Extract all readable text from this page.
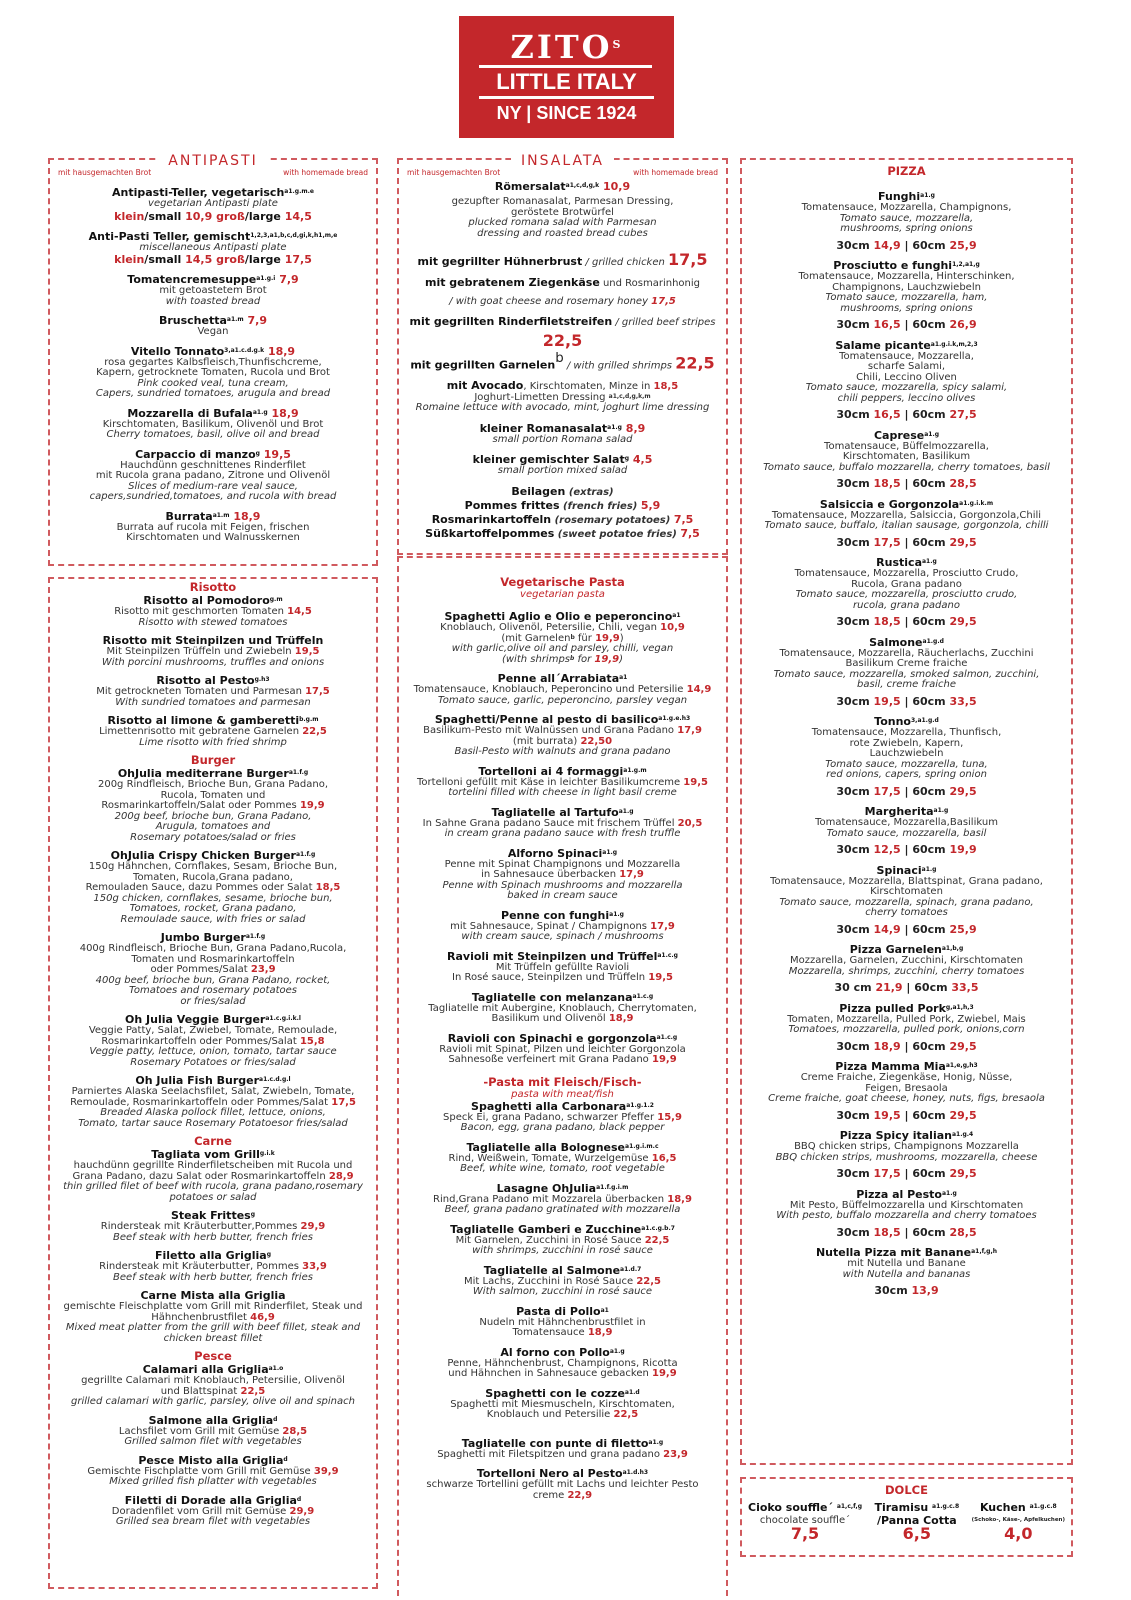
$ZITO^S$
LITTLE ITALY
NY | SINCE 1924
ANTIPASTI
mit hausgemachten Brot	with homemade bread
Antipasti-Teller, vegetarisch$^{a1.g.m.e}$
vegetarian Antipasti plate
klein/small 10,9 groß/large 14,5
Anti-Pasti Teller, gemischt$^{1,2,3,a1,b,c,d,gi,k,h1,m,e}$
miscellaneous Antipasti plate
klein/small 14,5 groß/large 17,5
Tomatencremesuppe$^{a1.g.i}$ 7,9
mit getoastetem Brot
with toasted bread
Bruschetta$^{a1.m}$ 7,9
Vegan
Vitello Tonnato$^{3,a1.c.d.g.k}$ 18,9
rosa gegartes Kalbsfleisch,Thunfischcreme,
Kapern, getrocknete Tomaten, Rucola und Brot
Pink cooked veal, tuna cream,
Capers, sundried tomatoes, arugula and bread
Mozzarella di Bufala$^{a1.g}$ 18,9
Kirschtomaten, Basilikum, Olivenöl und Brot
Cherry tomatoes, basil, olive oil and bread
Carpaccio di manzo$^g$ 19,5
Hauchdünn geschnittenes Rinderfilet
mit Rucola grana padano, Zitrone und Olivenöl
Slices of medium-rare veal sauce,
capers,sundried,tomatoes, and rucola with bread
Burrata$^{a1.m}$ 18,9
Burrata auf rucola mit Feigen, frischen
Kirschtomaten und Walnusskernen
Risotto
Risotto al Pomodoro$^{g.m}$
Risotto mit geschmorten Tomaten 14,5
Risotto with stewed tomatoes
Risotto mit Steinpilzen und Trüffeln
Mit Steinpilzen Trüffeln und Zwiebeln 19,5
With porcini mushrooms, truffles and onions
Risotto al Pesto$^{g.h3}$
Mit getrockneten Tomaten und Parmesan 17,5
With sundried tomatoes and parmesan
Risotto al limone & gamberetti$^{b.g.m}$
Limettenrisotto mit gebratene Garnelen 22,5
Lime risotto with fried shrimp
Burger
OhJulia mediterrane Burger$^{a1.f.g}$
200g Rindfleisch, Brioche Bun, Grana Padano,
Rucola, Tomaten und
Rosmarinkartoffeln/Salat oder Pommes 19,9
200g beef, brioche bun, Grana Padano,
Arugula, tomatoes and
Rosemary potatoes/salad or fries
OhJulia Crispy Chicken Burger$^{a1.f.g}$
150g Hähnchen, Cornflakes, Sesam, Brioche Bun,
Tomaten, Rucola,Grana padano,
Remouladen Sauce, dazu Pommes oder Salat 18,5
150g chicken, cornflakes, sesame, brioche bun,
Tomatoes, rocket, Grana padano,
Remoulade sauce, with fries or salad
Jumbo Burger$^{a1.f.g}$
400g Rindfleisch, Brioche Bun, Grana Padano,Rucola,
Tomaten und Rosmarinkartoffeln
oder Pommes/Salat 23,9
400g beef, brioche bun, Grana Padano, rocket,
Tomatoes and rosemary potatoes
or fries/salad
Oh Julia Veggie Burger$^{a1.c.g.i.k.l}$
Veggie Patty, Salat, Zwiebel, Tomate, Remoulade,
Rosmarinkartoffeln oder Pommes/Salat 15,8
Veggie patty, lettuce, onion, tomato, tartar sauce
Rosemary Potatoes or fries/salad
Oh Julia Fish Burger$^{a1.c.d.g.l}$
Parniertes Alaska Seelachsfilet, Salat, Zwiebeln, Tomate,
Remoulade, Rosmarinkartoffeln oder Pommes/Salat 17,5
Breaded Alaska pollock fillet, lettuce, onions,
Tomato, tartar sauce Rosemary Potatoesor fries/salad
Carne
Tagliata vom Grill$^{g.i.k}$
hauchdünn gegrillte Rinderfiletscheiben mit Rucola und
Grana Padano, dazu Salat oder Rosmarinkartoffeln 28,9
thin grilled filet of beef with rucola, grana padano,rosemary
potatoes or salad
Steak Frittes$^g$
Rindersteak mit Kräuterbutter,Pommes 29,9
Beef steak with herb butter, french fries
Filetto alla Griglia$^g$
Rindersteak mit Kräuterbutter, Pommes 33,9
Beef steak with herb butter, french fries
Carne Mista alla Griglia
gemischte Fleischplatte vom Grill mit Rinderfilet, Steak und
Hähnchenbrustfilet 46,9
Mixed meat platter from the grill with beef fillet, steak and
chicken breast fillet
Pesce
Calamari alla Griglia$^{a1.o}$
gegrillte Calamari mit Knoblauch, Petersilie, Olivenöl
und Blattspinat 22,5
grilled calamari with garlic, parsley, olive oil and spinach
Salmone alla Griglia$^d$
Lachsfilet vom Grill mit Gemüse 28,5
Grilled salmon filet with vegetables
Pesce Misto alla Griglia$^d$
Gemischte Fischplatte vom Grill mit Gemüse 39,9
Mixed grilled fish pllatter with vegetables
Filetti di Dorade alla Griglia$^d$
Doradenfilet vom Grill mit Gemüse 29,9
Grilled sea bream filet with vegetables
INSALATA
mit hausgemachten Brot	with homemade bread
Römersalat$^{a1,c,d,g,k}$ 10,9
gezupfter Romanasalat, Parmesan Dressing,
geröstete Brotwürfel
plucked romana salad with Parmesan
dressing and roasted bread cubes
mit gegrillter Hühnerbrust / grilled chicken 17,5
mit gebratenem Ziegenkäse und Rosmarinhonig
/ with goat cheese and rosemary honey 17,5
mit gegrillten Rinderfiletstreifen / grilled beef stripes 22,5
mit gegrillten Garnelen$^b$ / with grilled shrimps 22,5
mit Avocado, Kirschtomaten, Minze in 18,5
Joghurt-Limetten Dressing $^{a1,c,d,g,k,m}$
Romaine lettuce with avocado, mint, joghurt lime dressing
kleiner Romanasalat$^{a1.g}$ 8,9
small portion Romana salad
kleiner gemischter Salat$^g$ 4,5
small portion mixed salad
Beilagen (extras)
Pommes frittes (french fries) 5,9
Rosmarinkartoffeln (rosemary potatoes) 7,5
Süßkartoffelpommes (sweet potatoe fries) 7,5
Vegetarische Pasta
vegetarian pasta
Spaghetti Aglio e Olio e peperoncino$^{a1}$
Knoblauch, Olivenöl, Petersilie, Chili, vegan 10,9
(mit Garnelen$^b$ für 19,9)
with garlic,olive oil and parsley, chilli, vegan
(with shrimps$^b$ for 19,9)
Penne all´Arrabiata$^{a1}$
Tomatensauce, Knoblauch, Peperoncino und Petersilie 14,9
Tomato sauce, garlic, peperoncino, parsley vegan
Spaghetti/Penne al pesto di basilico$^{a1.g.e.h3}$
Basilikum-Pesto mit Walnüssen und Grana Padano 17,9
(mit burrata) 22,50
Basil-Pesto with walnuts and grana padano
Tortelloni ai 4 formaggi$^{a1.g.m}$
Tortelloni gefüllt mit Käse in leichter Basilikumcreme 19,5
tortelini filled with cheese in light basil creme
Tagliatelle al Tartufo$^{a1.g}$
In Sahne Grana padano Sauce mit frischem Trüffel 20,5
in cream grana padano sauce with fresh truffle
Alforno Spinaci$^{a1.g}$
Penne mit Spinat Champignons und Mozzarella
in Sahnesauce überbacken 17,9
Penne with Spinach mushrooms and mozzarella
baked in cream sauce
Penne con funghi$^{a1.g}$
mit Sahnesauce, Spinat / Champignons 17,9
with cream sauce, spinach / mushrooms
Ravioli mit Steinpilzen und Trüffel$^{a1.c.g}$
Mit Trüffeln gefüllte Ravioli
In Rosé sauce, Steinpilzen und Trüffeln 19,5
Tagliatelle con melanzana$^{a1.c.g}$
Tagliatelle mit Aubergine, Knoblauch, Cherrytomaten,
Basilikum und Olivenöl 18,9
Ravioli con Spinachi e gorgonzola$^{a1.c.g}$
Ravioli mit Spinat, Pilzen und leichter Gorgonzola
Sahnesoße verfeinert mit Grana Padano 19,9
-Pasta mit Fleisch/Fisch-
pasta with meat/fish
Spaghetti alla Carbonara$^{a1.g.1.2}$
Speck Ei, grana Padano, schwarzer Pfeffer 15,9
Bacon, egg, grana padano, black pepper
Tagliatelle alla Bolognese$^{a1.g.i.m.c}$
Rind, Weißwein, Tomate, Wurzelgemüse 16,5
Beef, white wine, tomato, root vegetable
Lasagne OhJulia$^{a1.f.g.i.m}$
Rind,Grana Padano mit Mozzarela überbacken 18,9
Beef, grana padano gratinated with mozzarella
Tagliatelle Gamberi e Zucchine$^{a1.c.g.b.7}$
Mit Garnelen, Zucchini in Rosé Sauce 22,5
with shrimps, zucchini in rosé sauce
Tagliatelle al Salmone$^{a1.d.7}$
Mit Lachs, Zucchini in Rosé Sauce 22,5
With salmon, zucchini in rosé sauce
Pasta di Pollo$^{a1}$
Nudeln mit Hähnchenbrustfilet in
Tomatensauce 18,9
Al forno con Pollo$^{a1.g}$
Penne, Hähnchenbrust, Champignons, Ricotta
und Hähnchen in Sahnesauce gebacken 19,9
Spaghetti con le cozze$^{a1.d}$
Spaghetti mit Miesmuscheln, Kirschtomaten,
Knoblauch und Petersilie 22,5
Tagliatelle con punte di filetto$^{a1.g}$
Spaghetti mit Filetspitzen und grana padano 23,9
Tortelloni Nero al Pesto$^{a1.d.h3}$
schwarze Tortellini gefüllt mit Lachs und leichter Pesto
creme 22,9
PIZZA
Funghi$^{a1.g}$
Tomatensauce, Mozzarella, Champignons,
Tomato sauce, mozzarella,
mushrooms, spring onions
30cm 14,9 | 60cm 25,9
Prosciutto e funghi$^{1,2,a1,g}$
Tomatensauce, Mozzarella, Hinterschinken,
Champignons, Lauchzwiebeln
Tomato sauce, mozzarella, ham,
mushrooms, spring onions
30cm 16,5 | 60cm 26,9
Salame picante$^{a1.g.i.k,m,2,3}$
Tomatensauce, Mozzarella,
scharfe Salami,
Chili, Leccino Oliven
Tomato sauce, mozzarella, spicy salami,
chili peppers, leccino olives
30cm 16,5 | 60cm 27,5
Caprese$^{a1.g}$
Tomatensauce, Büffelmozzarella,
Kirschtomaten, Basilikum
Tomato sauce, buffalo mozzarella, cherry tomatoes, basil
30cm 18,5 | 60cm 28,5
Salsiccia e Gorgonzola$^{a1.g.i.k.m}$
Tomatensauce, Mozzarella, Salsiccia, Gorgonzola,Chili
Tomato sauce, buffalo, italian sausage, gorgonzola, chilli
30cm 17,5 | 60cm 29,5
Rustica$^{a1.g}$
Tomatensauce, Mozzarella, Prosciutto Crudo,
Rucola, Grana padano
Tomato sauce, mozzarella, prosciutto crudo,
rucola, grana padano
30cm 18,5 | 60cm 29,5
Salmone$^{a1.g.d}$
Tomatensauce, Mozzarella, Räucherlachs, Zucchini
Basilikum Creme fraiche
Tomato sauce, mozzarella, smoked salmon, zucchini,
basil, creme fraiche
30cm 19,5 | 60cm 33,5
Tonno$^{3,a1.g.d}$
Tomatensauce, Mozzarella, Thunfisch,
rote Zwiebeln, Kapern,
Lauchzwiebeln
Tomato sauce, mozzarella, tuna,
red onions, capers, spring onion
30cm 17,5 | 60cm 29,5
Margherita$^{a1.g}$
Tomatensauce, Mozzarella,Basilikum
Tomato sauce, mozzarella, basil
30cm 12,5 | 60cm 19,9
Spinaci$^{a1.g}$
Tomatensauce, Mozzarella, Blattspinat, Grana padano,
Kirschtomaten
Tomato sauce, mozzarella, spinach, grana padano,
cherry tomatoes
30cm 14,9 | 60cm 25,9
Pizza Garnelen$^{a1,b,g}$
Mozzarella, Garnelen, Zucchini, Kirschtomaten
Mozzarella, shrimps, zucchini, cherry tomatoes
30 cm 21,9 | 60cm 33,5
Pizza pulled Pork$^{g,a1,h,3}$
Tomaten, Mozzarella, Pulled Pork, Zwiebel, Mais
Tomatoes, mozzarella, pulled pork, onions,corn
30cm 18,9 | 60cm 29,5
Pizza Mamma Mia$^{a1,e,g,h3}$
Creme Fraiche, Ziegenkäse, Honig, Nüsse,
Feigen, Bresaola
Creme fraiche, goat cheese, honey, nuts, figs, bresaola
30cm 19,5 | 60cm 29,5
Pizza Spicy italian$^{a1.g.4}$
BBQ chicken strips, Champignons Mozzarella
BBQ chicken strips, mushrooms, mozzarella, cheese
30cm 17,5 | 60cm 29,5
Pizza al Pesto$^{a1.g}$
Mit Pesto, Büffelmozzarella und Kirschtomaten
With pesto, buffalo mozzarella and cherry tomatoes
30cm 18,5 | 60cm 28,5
Nutella Pizza mit Banane$^{a1,f,g,h}$
mit Nutella und Banane
with Nutella and bananas
30cm 13,9
DOLCE
Cioko souffle´ $^{a1,c,f,g}$
chocolate souffle´
7,5
Tiramisu $^{a1.g.c.8}$
/Panna Cotta
6,5
Kuchen $^{a1.g.c.8}$
(Schoko-, Käse-, Apfelkuchen)
4,0
